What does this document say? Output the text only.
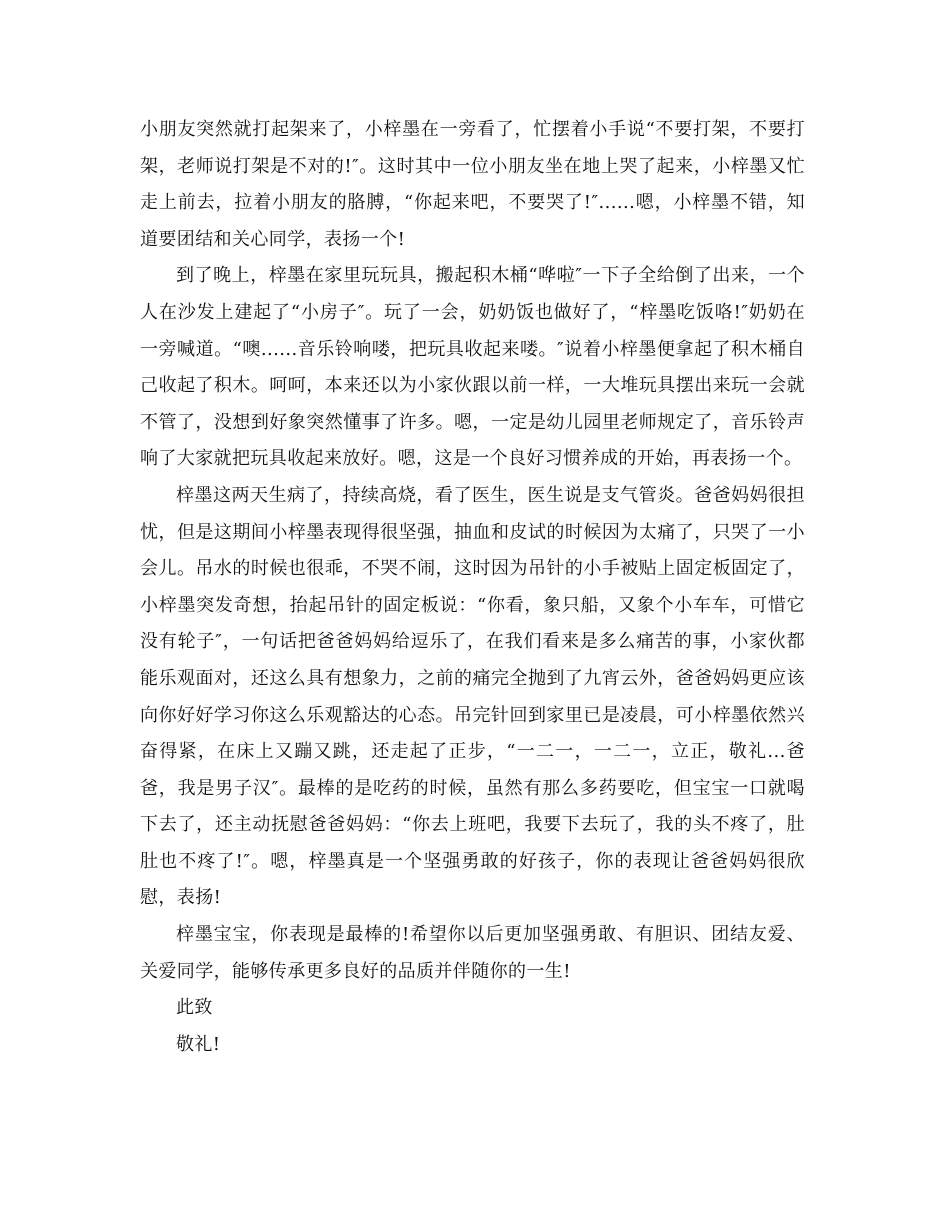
小朋友突然就打起架来了，小梓墨在一旁看了，忙摆着小手说“不要打架，不要打架，老师说打架是不对的!″。这时其中一位小朋友坐在地上哭了起来，小梓墨又忙走上前去，拉着小朋友的胳膊，“你起来吧，不要哭了!″......嗯，小梓墨不错，知道要团结和关心同学，表扬一个!

到了晚上，梓墨在家里玩玩具，搬起积木桶“哗啦″一下子全给倒了出来，一个人在沙发上建起了“小房子″。玩了一会，奶奶饭也做好了，“梓墨吃饭咯!″奶奶在一旁喊道。“噢......音乐铃响喽，把玩具收起来喽。″说着小梓墨便拿起了积木桶自己收起了积木。呵呵，本来还以为小家伙跟以前一样，一大堆玩具摆出来玩一会就不管了，没想到好象突然懂事了许多。嗯，一定是幼儿园里老师规定了，音乐铃声响了大家就把玩具收起来放好。嗯，这是一个良好习惯养成的开始，再表扬一个。

梓墨这两天生病了，持续高烧，看了医生，医生说是支气管炎。爸爸妈妈很担忧，但是这期间小梓墨表现得很坚强，抽血和皮试的时候因为太痛了，只哭了一小会儿。吊水的时候也很乖，不哭不闹，这时因为吊针的小手被贴上固定板固定了，小梓墨突发奇想，抬起吊针的固定板说：“你看，象只船，又象个小车车，可惜它没有轮子″，一句话把爸爸妈妈给逗乐了，在我们看来是多么痛苦的事，小家伙都能乐观面对，还这么具有想象力，之前的痛完全抛到了九宵云外，爸爸妈妈更应该向你好好学习你这么乐观豁达的心态。吊完针回到家里已是凌晨，可小梓墨依然兴奋得紧，在床上又蹦又跳，还走起了正步，“一二一，一二一，立正，敬礼...爸爸，我是男子汉″。最棒的是吃药的时候，虽然有那么多药要吃，但宝宝一口就喝下去了，还主动抚慰爸爸妈妈：“你去上班吧，我要下去玩了，我的头不疼了，肚肚也不疼了!″。嗯，梓墨真是一个坚强勇敢的好孩子，你的表现让爸爸妈妈很欣慰，表扬!

梓墨宝宝，你表现是最棒的!希望你以后更加坚强勇敢、有胆识、团结友爱、关爱同学，能够传承更多良好的品质并伴随你的一生!

此致

敬礼!
